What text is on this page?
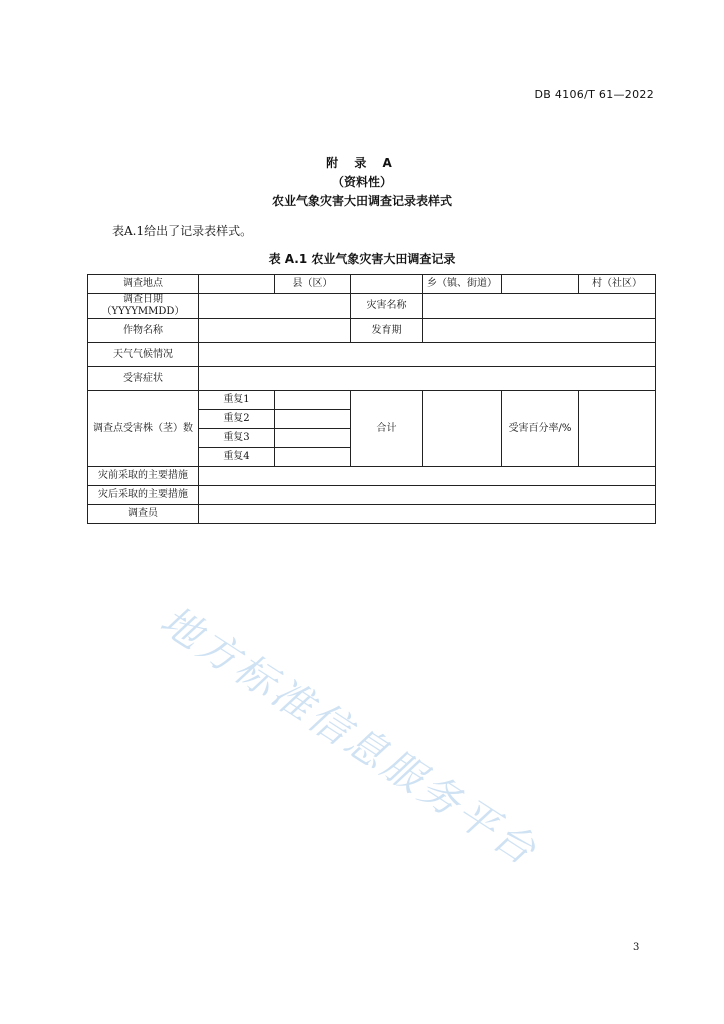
DB 4106/T 61—2022
附 录 A
（资料性）
农业气象灾害大田调查记录表样式
表A.1给出了记录表样式。
表 A.1 农业气象灾害大田调查记录
调查地点		县（区）		乡（镇、街道）		村（社区）
调查日期（YYYYMMDD）			灾害名称			
作物名称			发育期			
天气气候情况						
受害症状						
调查点受害株（茎）数	重复1		合计		受害百分率/%	
	重复2					
	重复3					
	重复4					
灾前采取的主要措施						
灾后采取的主要措施						
调查员						
地方标准信息服务平台
3
